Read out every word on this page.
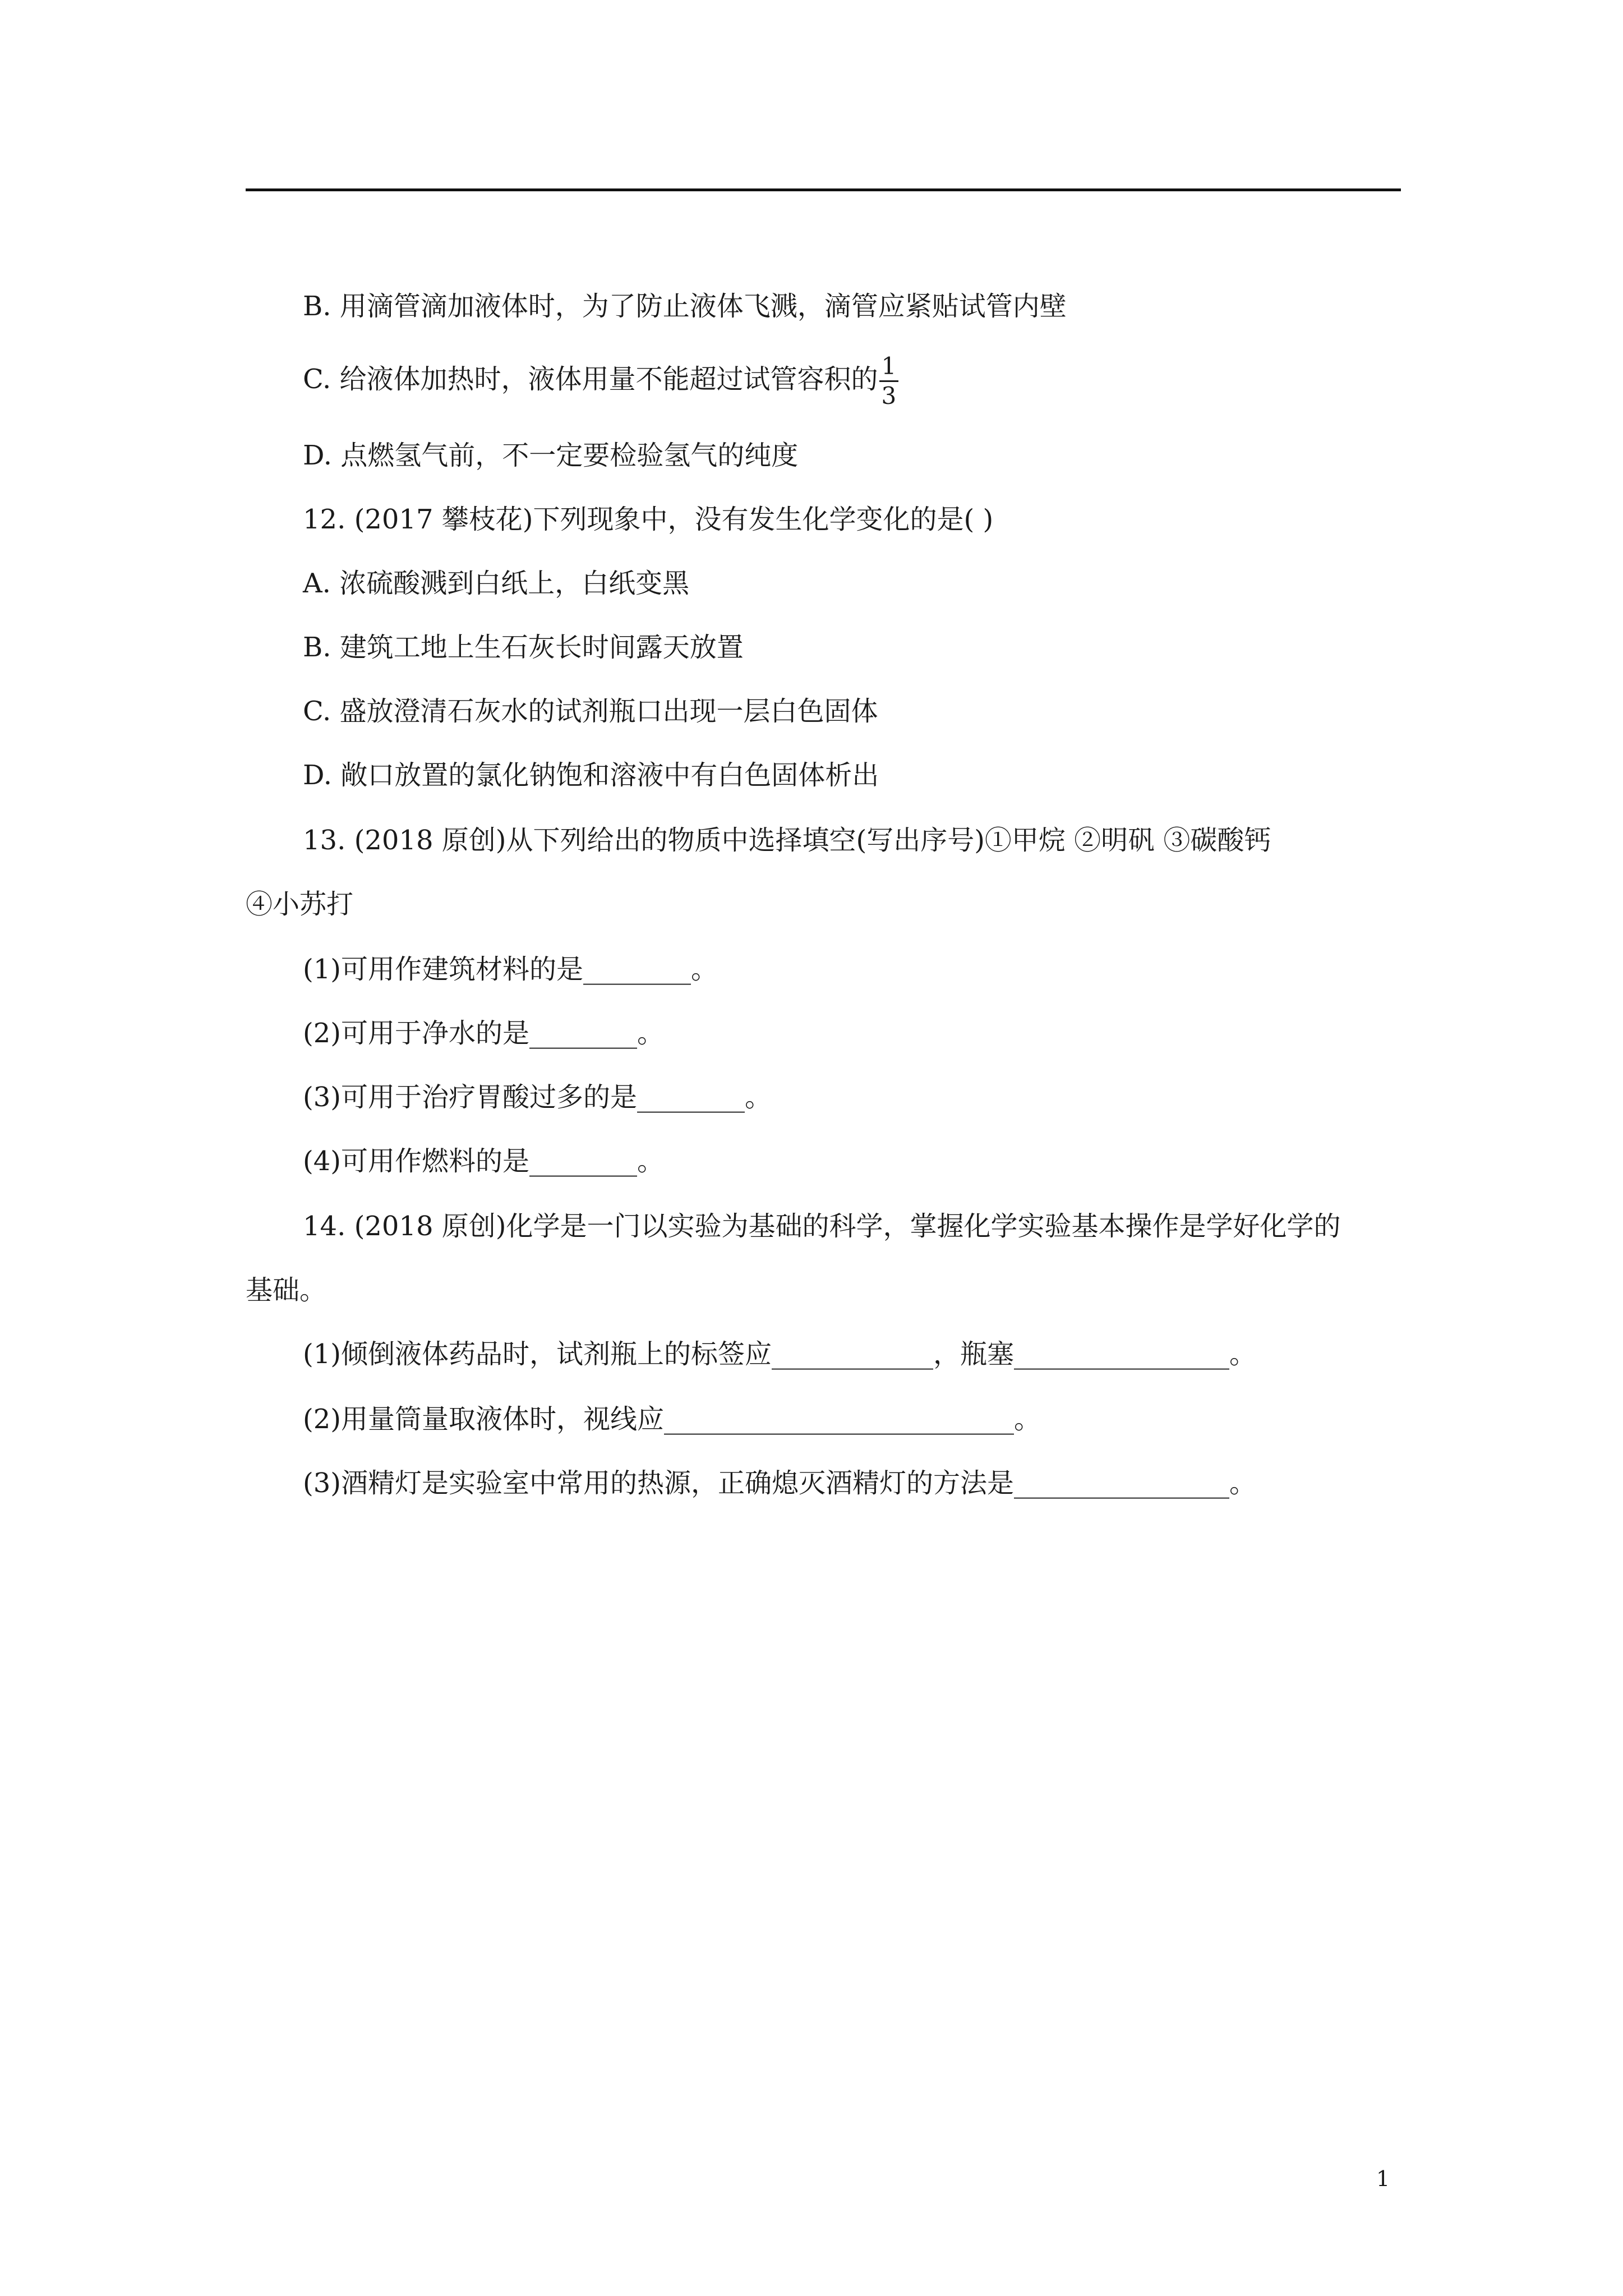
B. 用滴管滴加液体时，为了防止液体飞溅，滴管应紧贴试管内壁
C. 给液体加热时，液体用量不能超过试管容积的 $\frac{1}{3}$
D. 点燃氢气前，不一定要检验氢气的纯度
12. (2017 攀枝花)下列现象中，没有发生化学变化的是( )
A. 浓硫酸溅到白纸上，白纸变黑
B. 建筑工地上生石灰长时间露天放置
C. 盛放澄清石灰水的试剂瓶口出现一层白色固体
D. 敞口放置的氯化钠饱和溶液中有白色固体析出
13. (2018 原创)从下列给出的物质中选择填空(写出序号)①甲烷 ②明矾 ③碳酸钙
④小苏打
(1)可用作建筑材料的是________。
(2)可用于净水的是________。
(3)可用于治疗胃酸过多的是________。
(4)可用作燃料的是________。
14. (2018 原创)化学是一门以实验为基础的科学，掌握化学实验基本操作是学好化学的
基础。
(1)倾倒液体药品时，试剂瓶上的标签应____________，瓶塞________________。
(2)用量筒量取液体时，视线应__________________________。
(3)酒精灯是实验室中常用的热源，正确熄灭酒精灯的方法是________________。
1
